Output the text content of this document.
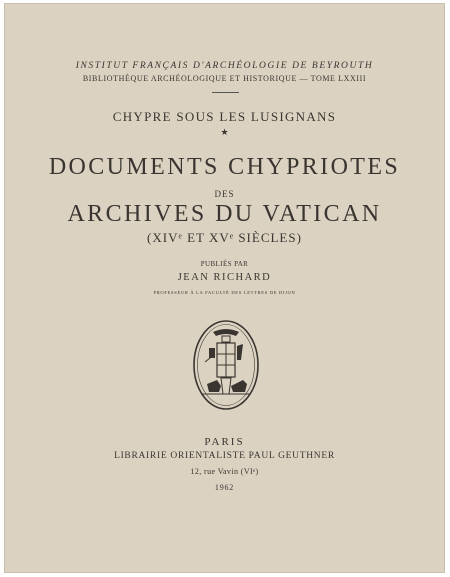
INSTITUT FRANÇAIS D'ARCHÉOLOGIE DE BEYROUTH
BIBLIOTHÈQUE ARCHÉOLOGIQUE ET HISTORIQUE — TOME LXXIII
CHYPRE SOUS LES LUSIGNANS
★
DOCUMENTS CHYPRIOTES
DES
ARCHIVES DU VATICAN
(XIVᵉ ET XVᵉ SIÈCLES)
PUBLIÉS PAR
JEAN RICHARD
PROFESSEUR À LA FACULTÉ DES LETTRES DE DIJON
PARIS
LIBRAIRIE ORIENTALISTE PAUL GEUTHNER
12, rue Vavin (VIᵉ)
1962
